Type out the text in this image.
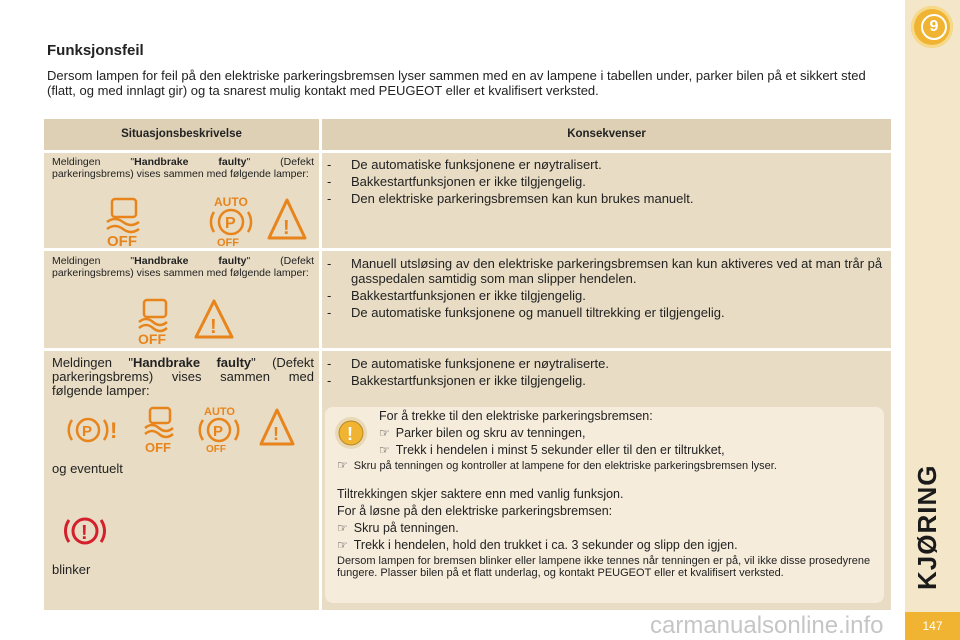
9
KJØRING
147
carmanualsonline.info
Funksjonsfeil

Dersom lampen for feil på den elektriske parkeringsbremsen lyser sammen med en av lampene i tabellen under, parker bilen på et sikkert sted (flatt, og med innlagt gir) og ta snarest mulig kontakt med PEUGEOT eller et kvalifisert verksted.

Situasjonsbeskrivelse	Konsekvenser
Meldingen "Handbrake faulty" (Defekt parkeringsbrems) vises sammen med følgende lamper:
OFF
AUTO
P
OFF
!
- De automatiske funksjonene er nøytralisert.
- Bakkestartfunksjonen er ikke tilgjengelig.
- Den elektriske parkeringsbremsen kan kun brukes manuelt.
Meldingen "Handbrake faulty" (Defekt parkeringsbrems) vises sammen med følgende lamper:
OFF
!
- Manuell utsløsing av den elektriske parkeringsbremsen kan kun aktiveres ved at man trår på gasspedalen samtidig som man slipper hendelen.
- Bakkestartfunksjonen er ikke tilgjengelig.
- De automatiske funksjonene og manuell tiltrekking er tilgjengelig.
Meldingen "Handbrake faulty" (Defekt parkeringsbrems) vises sammen med følgende lamper:
P !
OFF
AUTO
P
OFF
!
og eventuelt
!
blinker
- De automatiske funksjonene er nøytraliserte.
- Bakkestartfunksjonen er ikke tilgjengelig.
!

For å trekke til den elektriske parkeringsbremsen:

☞ Parker bilen og skru av tenningen,

☞ Trekk i hendelen i minst 5 sekunder eller til den er tiltrukket,

☞ Skru på tenningen og kontroller at lampene for den elektriske parkeringsbremsen lyser.

Tiltrekkingen skjer saktere enn med vanlig funksjon.

For å løsne på den elektriske parkeringsbremsen:

☞ Skru på tenningen.

☞ Trekk i hendelen, hold den trukket i ca. 3 sekunder og slipp den igjen.

Dersom lampen for bremsen blinker eller lampene ikke tennes når tenningen er på, vil ikke disse prosedyrene fungere. Plasser bilen på et flatt underlag, og kontakt PEUGEOT eller et kvalifisert verksted.
